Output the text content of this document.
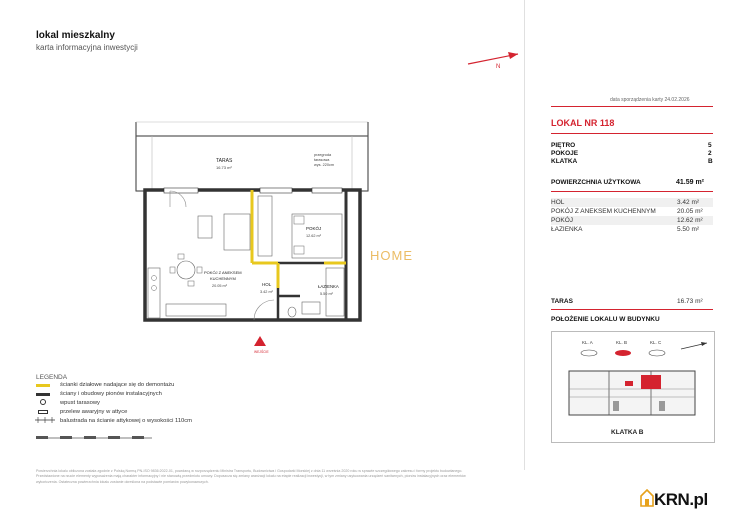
lokal mieszkalny
karta informacyjna inwestycji
N
data sporządzenia karty 24.02.2026
LOKAL NR 118
PIĘTRO	5
POKOJE	2
KLATKA	B
POWIERZCHNIA UŻYTKOWA	41.59 m²
HOL	3.42 m²
POKÓJ Z ANEKSEM KUCHENNYM	20.05 m²
POKÓJ	12.62 m²
ŁAZIENKA	5.50 m²
TARAS	16.73 m²
POŁOŻENIE LOKALU W BUDYNKU
KL. A	KL. B	KL. C
KLATKA B
TARAS
16.73 m²
przegroda
tarasowa
wys. 220cm
POKÓJ
12.62 m²
POKÓJ Z ANEKSEM
KUCHENNYM
20.05 m²	HOL
3.42 m²
ŁAZIENKA
5.50 m²
WEJŚCIE
HOME
LEGENDA
ścianki działowe nadające się do demontażu
ściany i obudowy pionów instalacyjnych
wpust tarasowy
przelew awaryjny w attyce
balustrada na ścianie attykowej o wysokości 110cm
Powierzchnia lokalu obliczona została zgodnie z Polską Normą PN-ISO 9836:2022-01, powołaną w rozporządzeniu Ministra Transportu, Budownictwa i Gospodarki Morskiej z dnia 11 września 2020 roku w sprawie szczegółowego zakresu i formy projektu budowlanego. Przedstawione na rzucie elementy wyposażenia mają charakter informacyjny i nie stanowią przedmiotu umowy. Dopuszcza się zmiany aranżacji lokalu na etapie realizacji inwestycji, w tym zmiany usytuowania urządzeń sanitarnych, pionów instalacyjnych oraz elementów wykończenia. Ostateczna powierzchnia lokalu zostanie określona na podstawie pomiarów powykonawczych.
KRN.pl
